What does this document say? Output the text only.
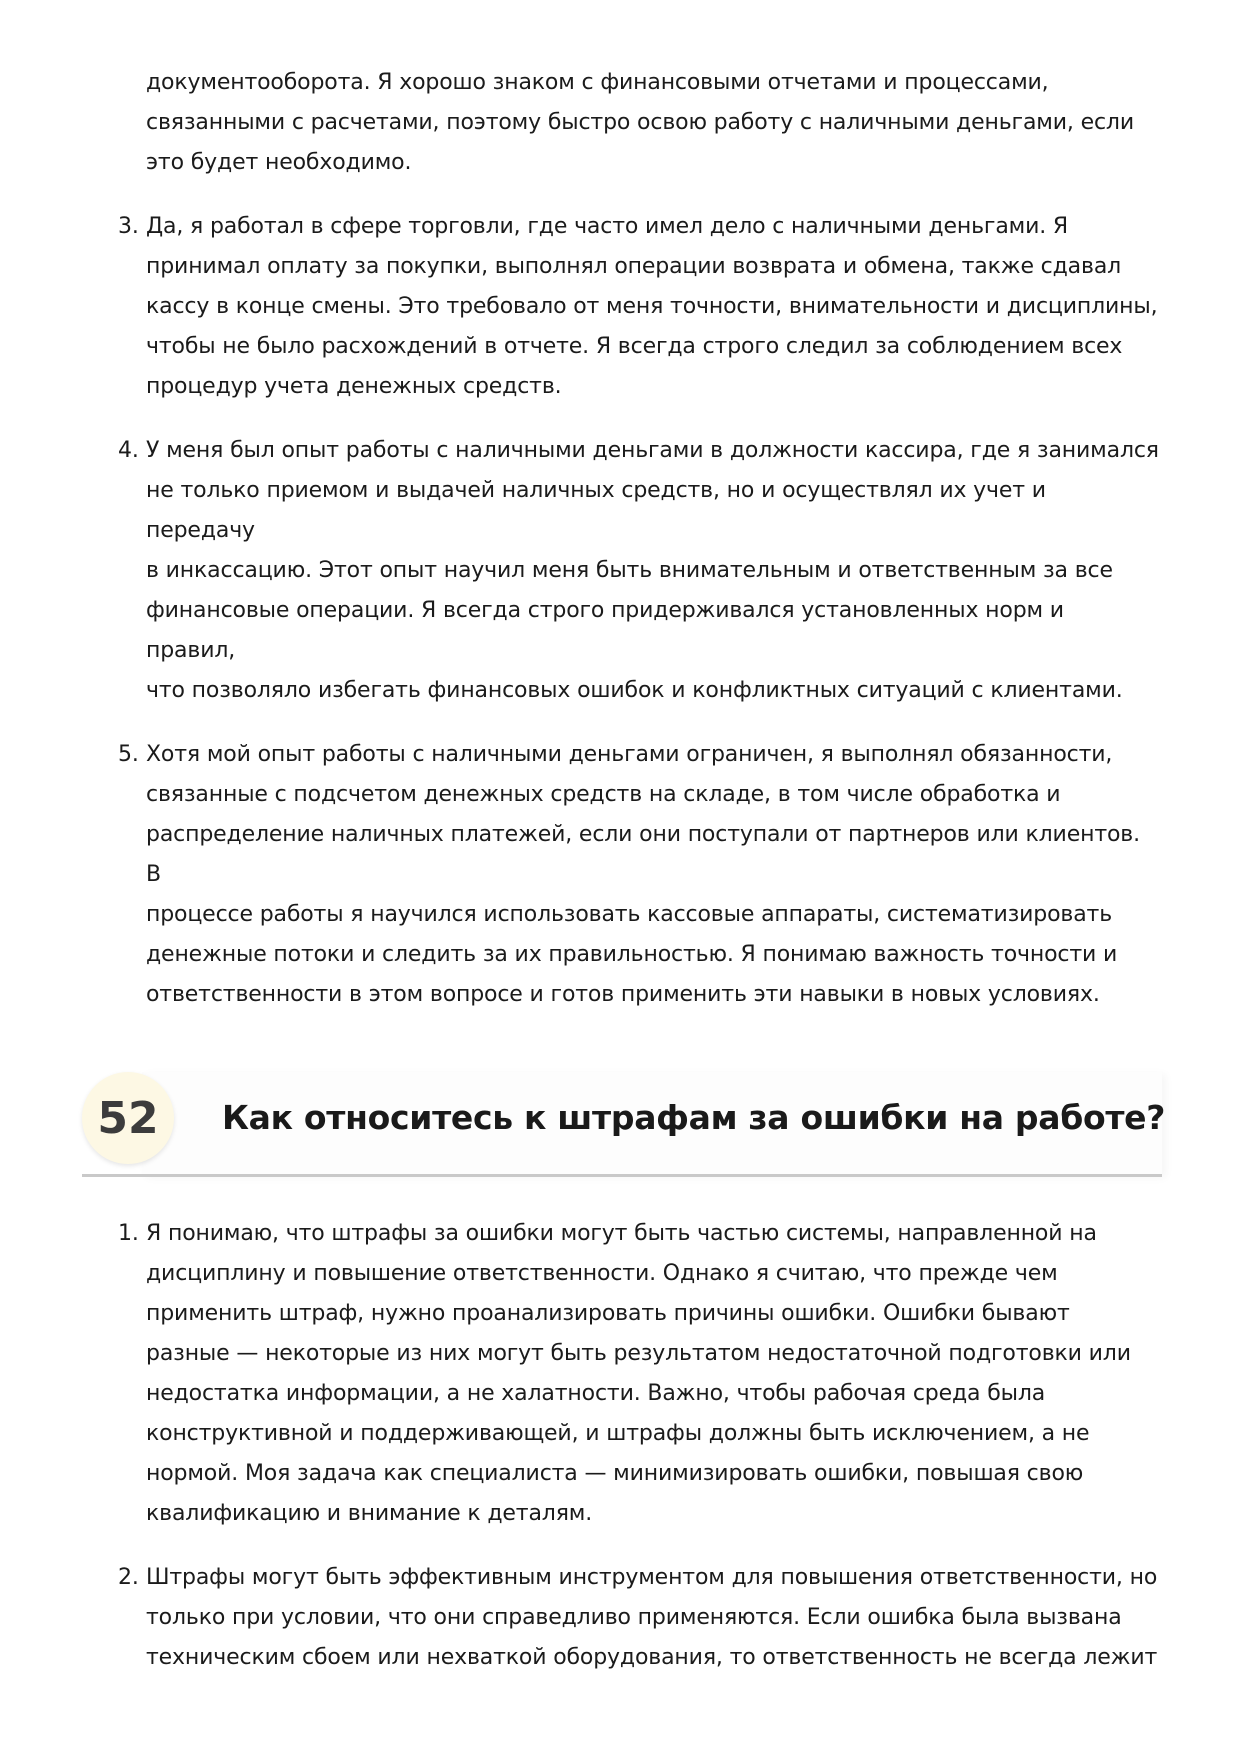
документооборота. Я хорошо знаком с финансовыми отчетами и процессами,

связанными с расчетами, поэтому быстро освою работу с наличными деньгами, если

это будет необходимо.

3. Да, я работал в сфере торговли, где часто имел дело с наличными деньгами. Я

принимал оплату за покупки, выполнял операции возврата и обмена, также сдавал

кассу в конце смены. Это требовало от меня точности, внимательности и дисциплины,

чтобы не было расхождений в отчете. Я всегда строго следил за соблюдением всех

процедур учета денежных средств.

4. У меня был опыт работы с наличными деньгами в должности кассира, где я занимался

не только приемом и выдачей наличных средств, но и осуществлял их учет и передачу

в инкассацию. Этот опыт научил меня быть внимательным и ответственным за все

финансовые операции. Я всегда строго придерживался установленных норм и правил,

что позволяло избегать финансовых ошибок и конфликтных ситуаций с клиентами.

5. Хотя мой опыт работы с наличными деньгами ограничен, я выполнял обязанности,

связанные с подсчетом денежных средств на складе, в том числе обработка и

распределение наличных платежей, если они поступали от партнеров или клиентов. В

процессе работы я научился использовать кассовые аппараты, систематизировать

денежные потоки и следить за их правильностью. Я понимаю важность точности и

ответственности в этом вопросе и готов применить эти навыки в новых условиях.

52	Как относитесь к штрафам за ошибки на работе?
1. Я понимаю, что штрафы за ошибки могут быть частью системы, направленной на

дисциплину и повышение ответственности. Однако я считаю, что прежде чем

применить штраф, нужно проанализировать причины ошибки. Ошибки бывают

разные — некоторые из них могут быть результатом недостаточной подготовки или

недостатка информации, а не халатности. Важно, чтобы рабочая среда была

конструктивной и поддерживающей, и штрафы должны быть исключением, а не

нормой. Моя задача как специалиста — минимизировать ошибки, повышая свою

квалификацию и внимание к деталям.

2. Штрафы могут быть эффективным инструментом для повышения ответственности, но

только при условии, что они справедливо применяются. Если ошибка была вызвана

техническим сбоем или нехваткой оборудования, то ответственность не всегда лежит
